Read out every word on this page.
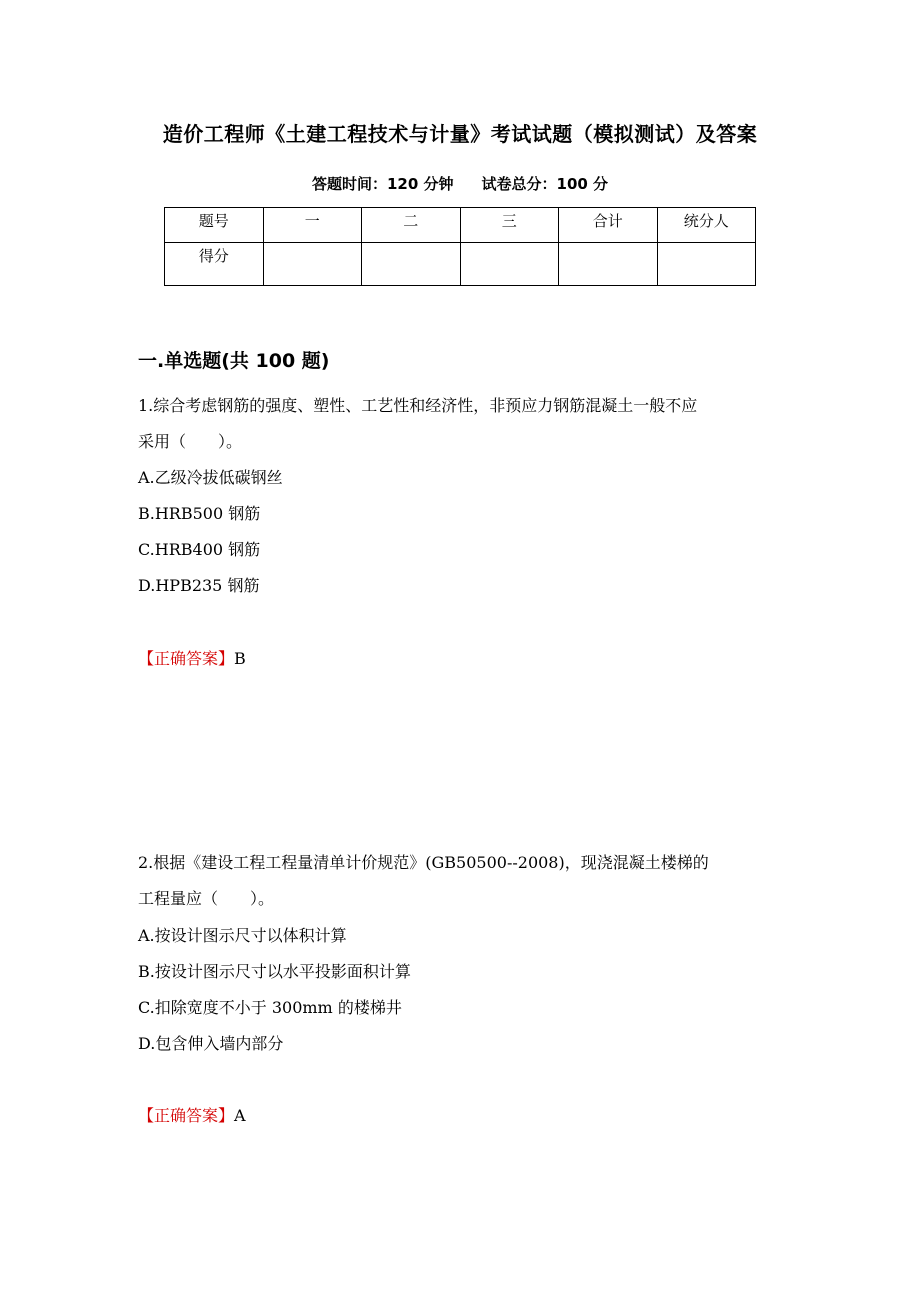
造价工程师《土建工程技术与计量》考试试题（模拟测试）及答案
答题时间：120 分钟 试卷总分：100 分
题号	一	二	三	合计	统分人
得分					
一.单选题(共 100 题)
1.综合考虑钢筋的强度、塑性、工艺性和经济性，非预应力钢筋混凝土一般不应
采用（　　）。
A.乙级冷拔低碳钢丝
B.HRB500 钢筋
C.HRB400 钢筋
D.HPB235 钢筋
【正确答案】B
2.根据《建设工程工程量清单计价规范》(GB50500--2008)，现浇混凝土楼梯的
工程量应（　　）。
A.按设计图示尺寸以体积计算
B.按设计图示尺寸以水平投影面积计算
C.扣除宽度不小于 300mm 的楼梯井
D.包含伸入墙内部分
【正确答案】A
